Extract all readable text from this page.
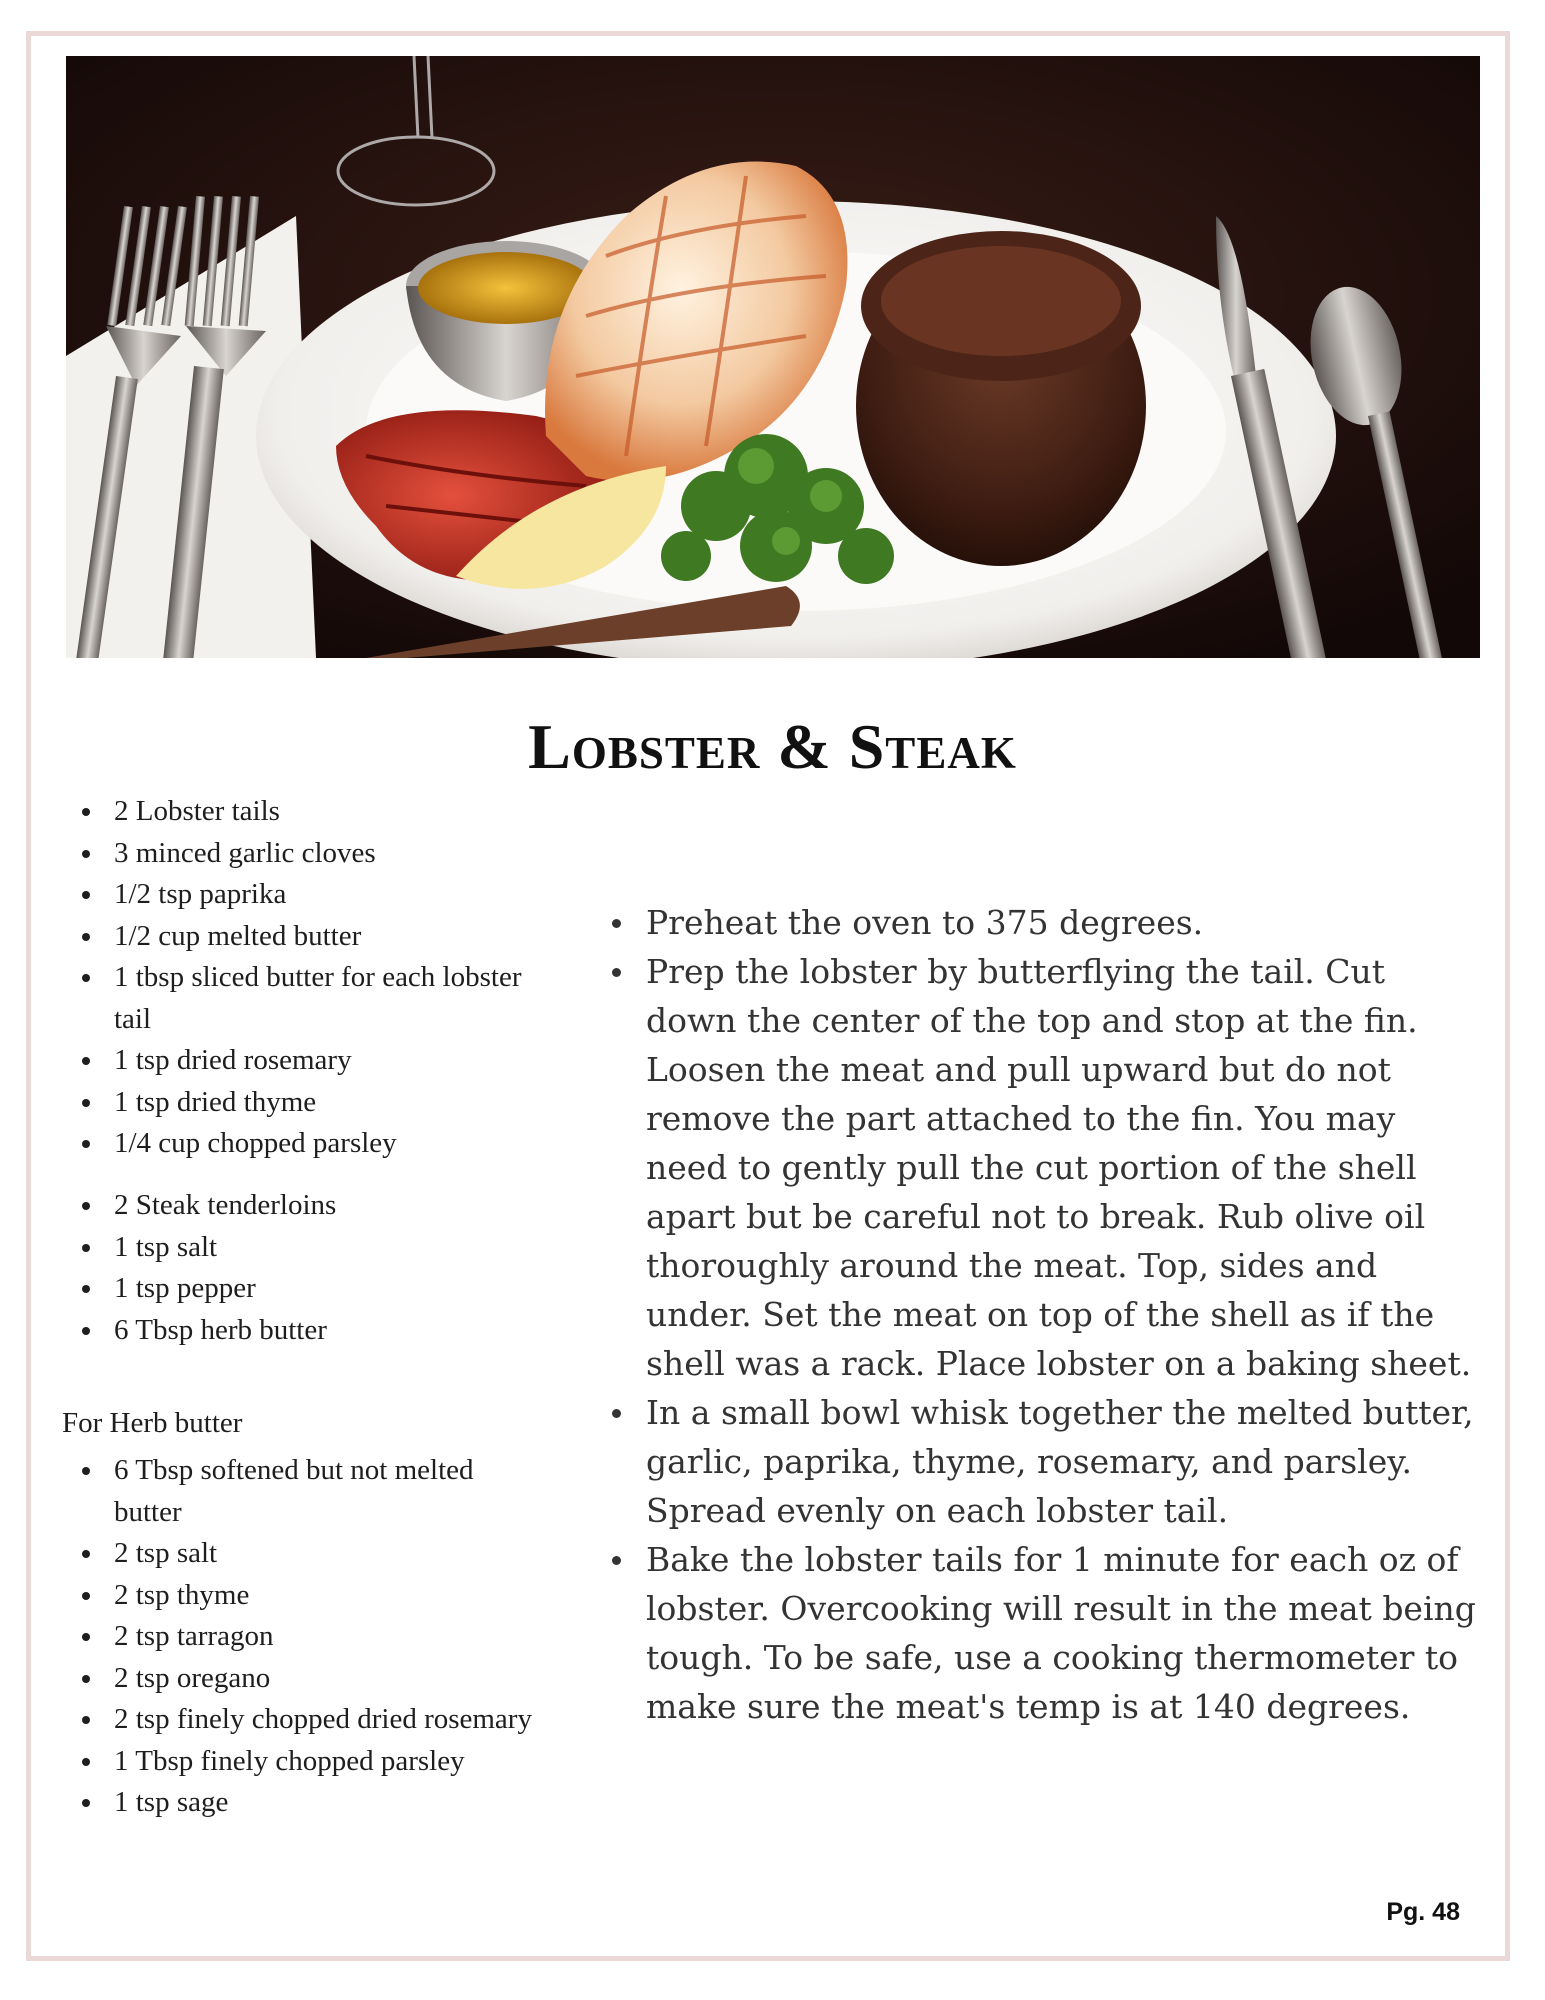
Lobster & Steak
2 Lobster tails
3 minced garlic cloves
1/2 tsp paprika
1/2 cup melted butter
1 tbsp sliced butter for each lobster tail
1 tsp dried rosemary
1 tsp dried thyme
1/4 cup chopped parsley
2 Steak tenderloins
1 tsp salt
1 tsp pepper
6 Tbsp herb butter
For Herb butter
6 Tbsp softened but not melted butter
2 tsp salt
2 tsp thyme
2 tsp tarragon
2 tsp oregano
2 tsp finely chopped dried rosemary
1 Tbsp finely chopped parsley
1 tsp sage
Preheat the oven to 375 degrees.
Prep the lobster by butterflying the tail. Cut down the center of the top and stop at the fin. Loosen the meat and pull upward but do not remove the part attached to the fin. You may need to gently pull the cut portion of the shell apart but be careful not to break. Rub olive oil thoroughly around the meat. Top, sides and under. Set the meat on top of the shell as if the shell was a rack. Place lobster on a baking sheet.
In a small bowl whisk together the melted butter, garlic, paprika, thyme, rosemary, and parsley. Spread evenly on each lobster tail.
Bake the lobster tails for 1 minute for each oz of lobster. Overcooking will result in the meat being tough. To be safe, use a cooking thermometer to make sure the meat's temp is at 140 degrees.
Pg. 48
